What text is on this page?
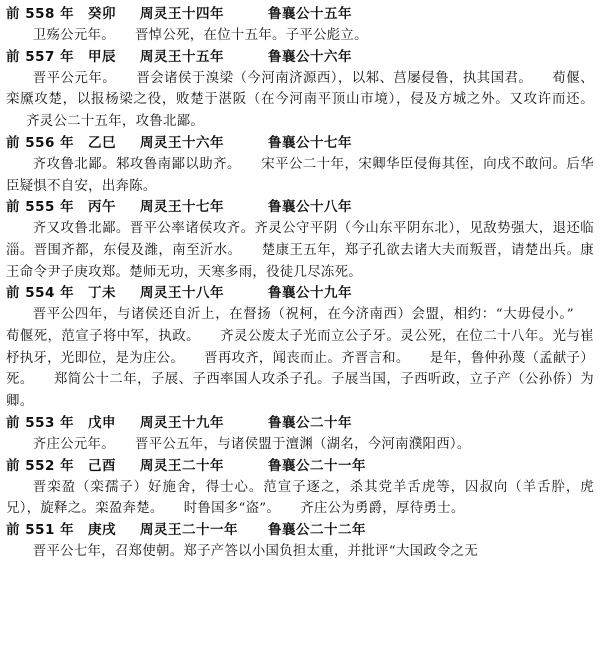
前 558 年 癸卯 周灵王十四年	鲁襄公十五年

卫殇公元年。 晋悼公死，在位十五年。子平公彪立。

前 557 年 甲辰 周灵王十五年	鲁襄公十六年

晋平公元年。 晋会诸侯于溴梁（今河南济源西），以邾、莒屡侵鲁，执其国君。 荀偃、栾黡攻楚，以报杨梁之役，败楚于湛阪（在今河南平顶山市境），侵及方城之外。又攻许而还。齐灵公二十五年，攻鲁北鄙。

前 556 年 乙巳 周灵王十六年	鲁襄公十七年

齐攻鲁北鄙。邾攻鲁南鄙以助齐。 宋平公二十年，宋卿华臣侵侮其侄，向戌不敢问。后华臣疑惧不自安，出奔陈。

前 555 年 丙午 周灵王十七年	鲁襄公十八年

齐又攻鲁北鄙。晋平公率诸侯攻齐。齐灵公守平阴（今山东平阴东北），见敌势强大，退还临淄。晋围齐都，东侵及潍，南至沂水。 楚康王五年，郑子孔欲去诸大夫而叛晋，请楚出兵。康王命令尹子庚攻郑。楚师无功，天寒多雨，役徒几尽冻死。

前 554 年 丁未 周灵王十八年	鲁襄公十九年

晋平公四年，与诸侯还自沂上，在督扬（祝柯，在今济南西）会盟，相约：“大毋侵小。”荀偃死，范宣子将中军，执政。 齐灵公废太子光而立公子牙。灵公死，在位二十八年。光与崔杼执牙，光即位，是为庄公。 晋再攻齐，闻丧而止。齐晋言和。 是年，鲁仲孙蔑（孟献子）死。 郑简公十二年，子展、子西率国人攻杀子孔。子展当国，子西听政，立子产（公孙侨）为卿。

前 553 年 戊申 周灵王十九年	鲁襄公二十年

齐庄公元年。 晋平公五年，与诸侯盟于澶渊（湖名，今河南濮阳西）。

前 552 年 己酉 周灵王二十年	鲁襄公二十一年

晋栾盈（栾孺子）好施舍，得士心。范宣子逐之，杀其党羊舌虎等，囚叔向（羊舌肸，虎兄），旋释之。栾盈奔楚。 时鲁国多“盗”。 齐庄公为勇爵，厚待勇士。

前 551 年 庚戌 周灵王二十一年 鲁襄公二十二年

晋平公七年，召郑使朝。郑子产答以小国负担太重，并批评“大国政令之无
